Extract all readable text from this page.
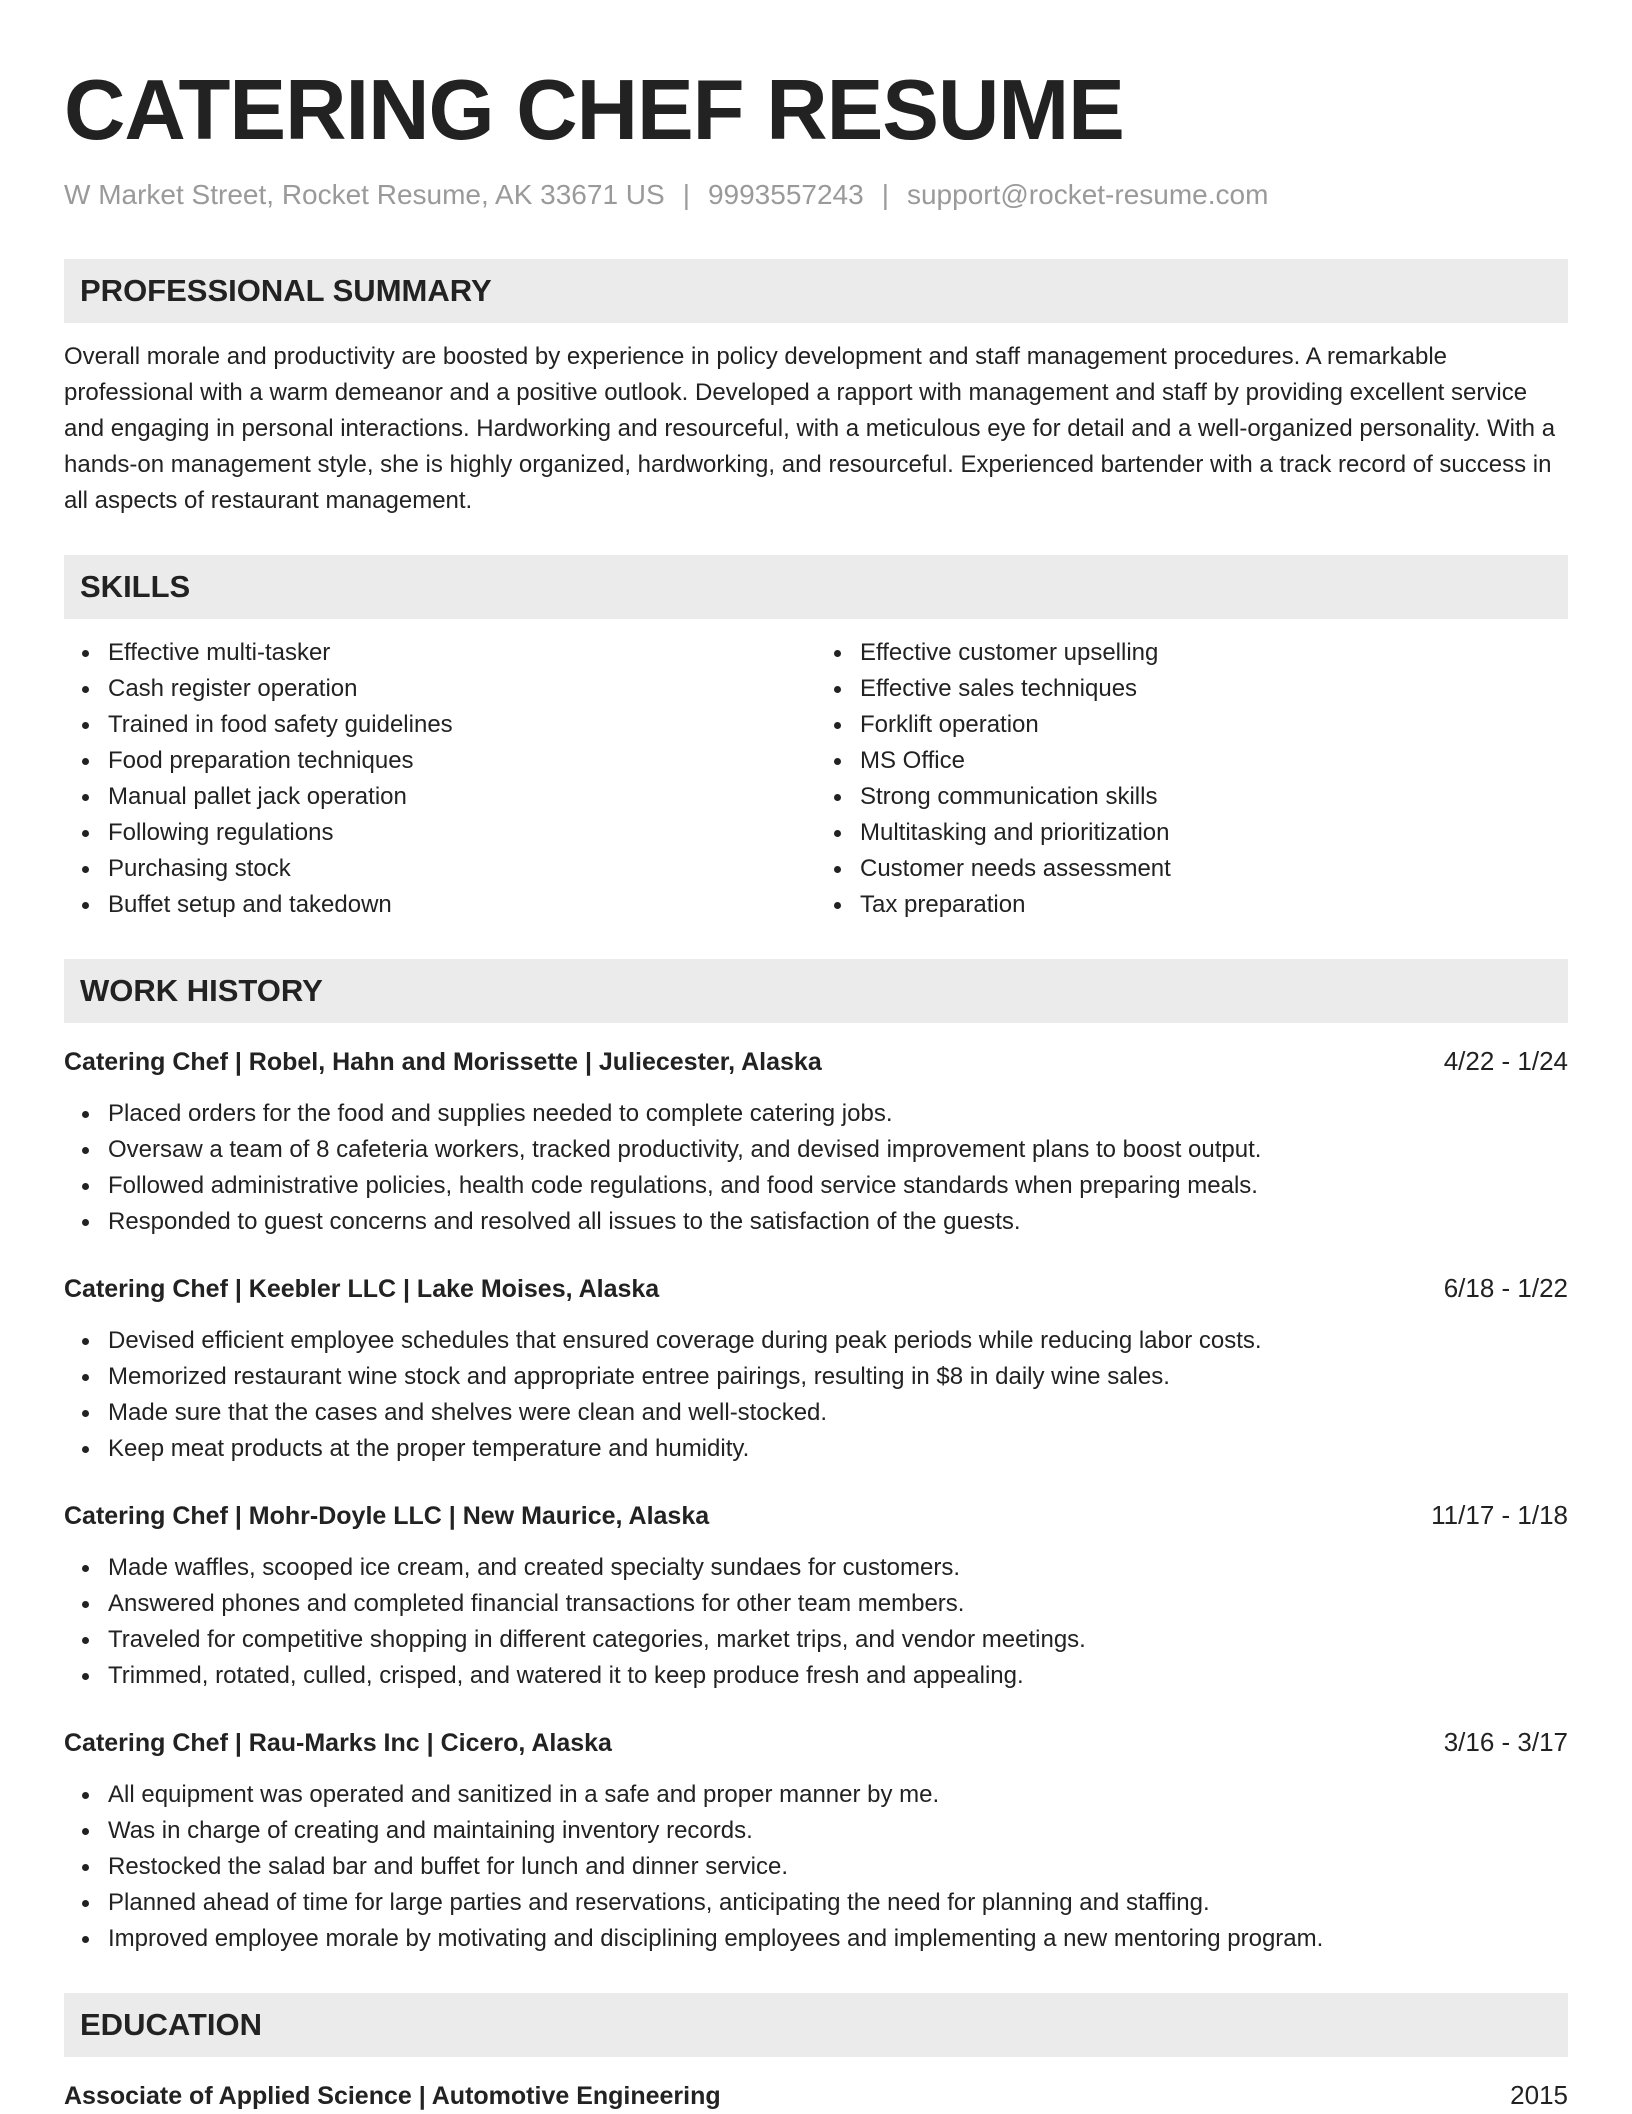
CATERING CHEF RESUME
W Market Street, Rocket Resume, AK 33671 US | 9993557243 | support@rocket-resume.com
PROFESSIONAL SUMMARY
Overall morale and productivity are boosted by experience in policy development and staff management procedures. A remarkable professional with a warm demeanor and a positive outlook. Developed a rapport with management and staff by providing excellent service and engaging in personal interactions. Hardworking and resourceful, with a meticulous eye for detail and a well-organized personality. With a hands-on management style, she is highly organized, hardworking, and resourceful. Experienced bartender with a track record of success in all aspects of restaurant management.
SKILLS
Effective multi-tasker
Cash register operation
Trained in food safety guidelines
Food preparation techniques
Manual pallet jack operation
Following regulations
Purchasing stock
Buffet setup and takedown
Effective customer upselling
Effective sales techniques
Forklift operation
MS Office
Strong communication skills
Multitasking and prioritization
Customer needs assessment
Tax preparation
WORK HISTORY
Catering Chef | Robel, Hahn and Morissette | Juliecester, Alaska	4/22 - 1/24
Placed orders for the food and supplies needed to complete catering jobs.
Oversaw a team of 8 cafeteria workers, tracked productivity, and devised improvement plans to boost output.
Followed administrative policies, health code regulations, and food service standards when preparing meals.
Responded to guest concerns and resolved all issues to the satisfaction of the guests.
Catering Chef | Keebler LLC | Lake Moises, Alaska	6/18 - 1/22
Devised efficient employee schedules that ensured coverage during peak periods while reducing labor costs.
Memorized restaurant wine stock and appropriate entree pairings, resulting in $8 in daily wine sales.
Made sure that the cases and shelves were clean and well-stocked.
Keep meat products at the proper temperature and humidity.
Catering Chef | Mohr-Doyle LLC | New Maurice, Alaska	11/17 - 1/18
Made waffles, scooped ice cream, and created specialty sundaes for customers.
Answered phones and completed financial transactions for other team members.
Traveled for competitive shopping in different categories, market trips, and vendor meetings.
Trimmed, rotated, culled, crisped, and watered it to keep produce fresh and appealing.
Catering Chef | Rau-Marks Inc | Cicero, Alaska	3/16 - 3/17
All equipment was operated and sanitized in a safe and proper manner by me.
Was in charge of creating and maintaining inventory records.
Restocked the salad bar and buffet for lunch and dinner service.
Planned ahead of time for large parties and reservations, anticipating the need for planning and staffing.
Improved employee morale by motivating and disciplining employees and implementing a new mentoring program.
EDUCATION
Associate of Applied Science | Automotive Engineering	2015
